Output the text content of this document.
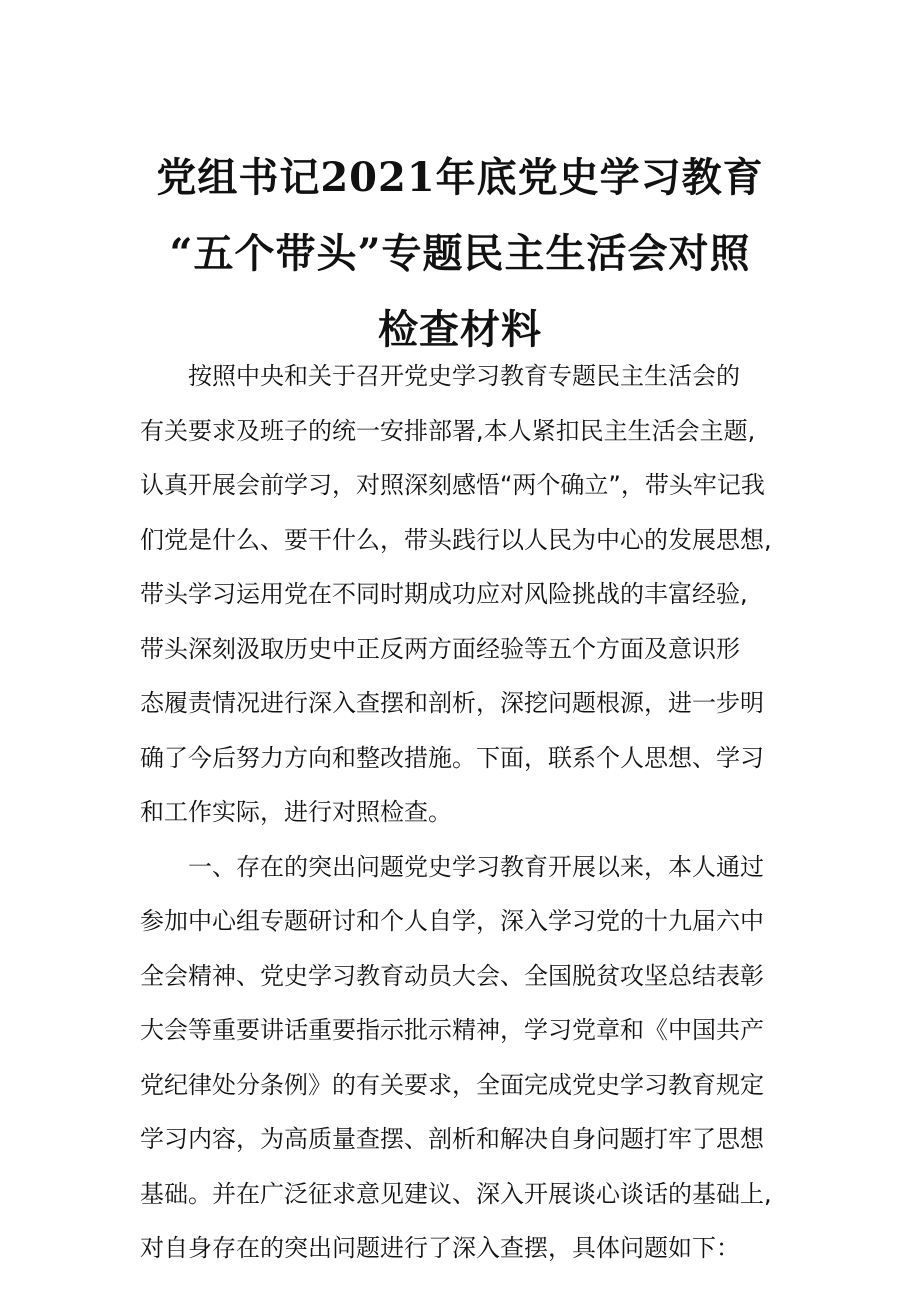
党组书记2021年底党史学习教育
“五个带头”专题民主生活会对照
检查材料
按照中央和关于召开党史学习教育专题民主生活会的
有关要求及班子的统一安排部署,本人紧扣民主生活会主题,
认真开展会前学习，对照深刻感悟“两个确立”，带头牢记我
们党是什么、要干什么，带头践行以人民为中心的发展思想,
带头学习运用党在不同时期成功应对风险挑战的丰富经验,
带头深刻汲取历史中正反两方面经验等五个方面及意识形
态履责情况进行深入查摆和剖析，深挖问题根源，进一步明
确了今后努力方向和整改措施。下面，联系个人思想、学习
和工作实际，进行对照检查。
一、存在的突出问题党史学习教育开展以来，本人通过
参加中心组专题研讨和个人自学，深入学习党的十九届六中
全会精神、党史学习教育动员大会、全国脱贫攻坚总结表彰
大会等重要讲话重要指示批示精神，学习党章和《中国共产
党纪律处分条例》的有关要求，全面完成党史学习教育规定
学习内容，为高质量查摆、剖析和解决自身问题打牢了思想
基础。并在广泛征求意见建议、深入开展谈心谈话的基础上,
对自身存在的突出问题进行了深入查摆，具体问题如下：
